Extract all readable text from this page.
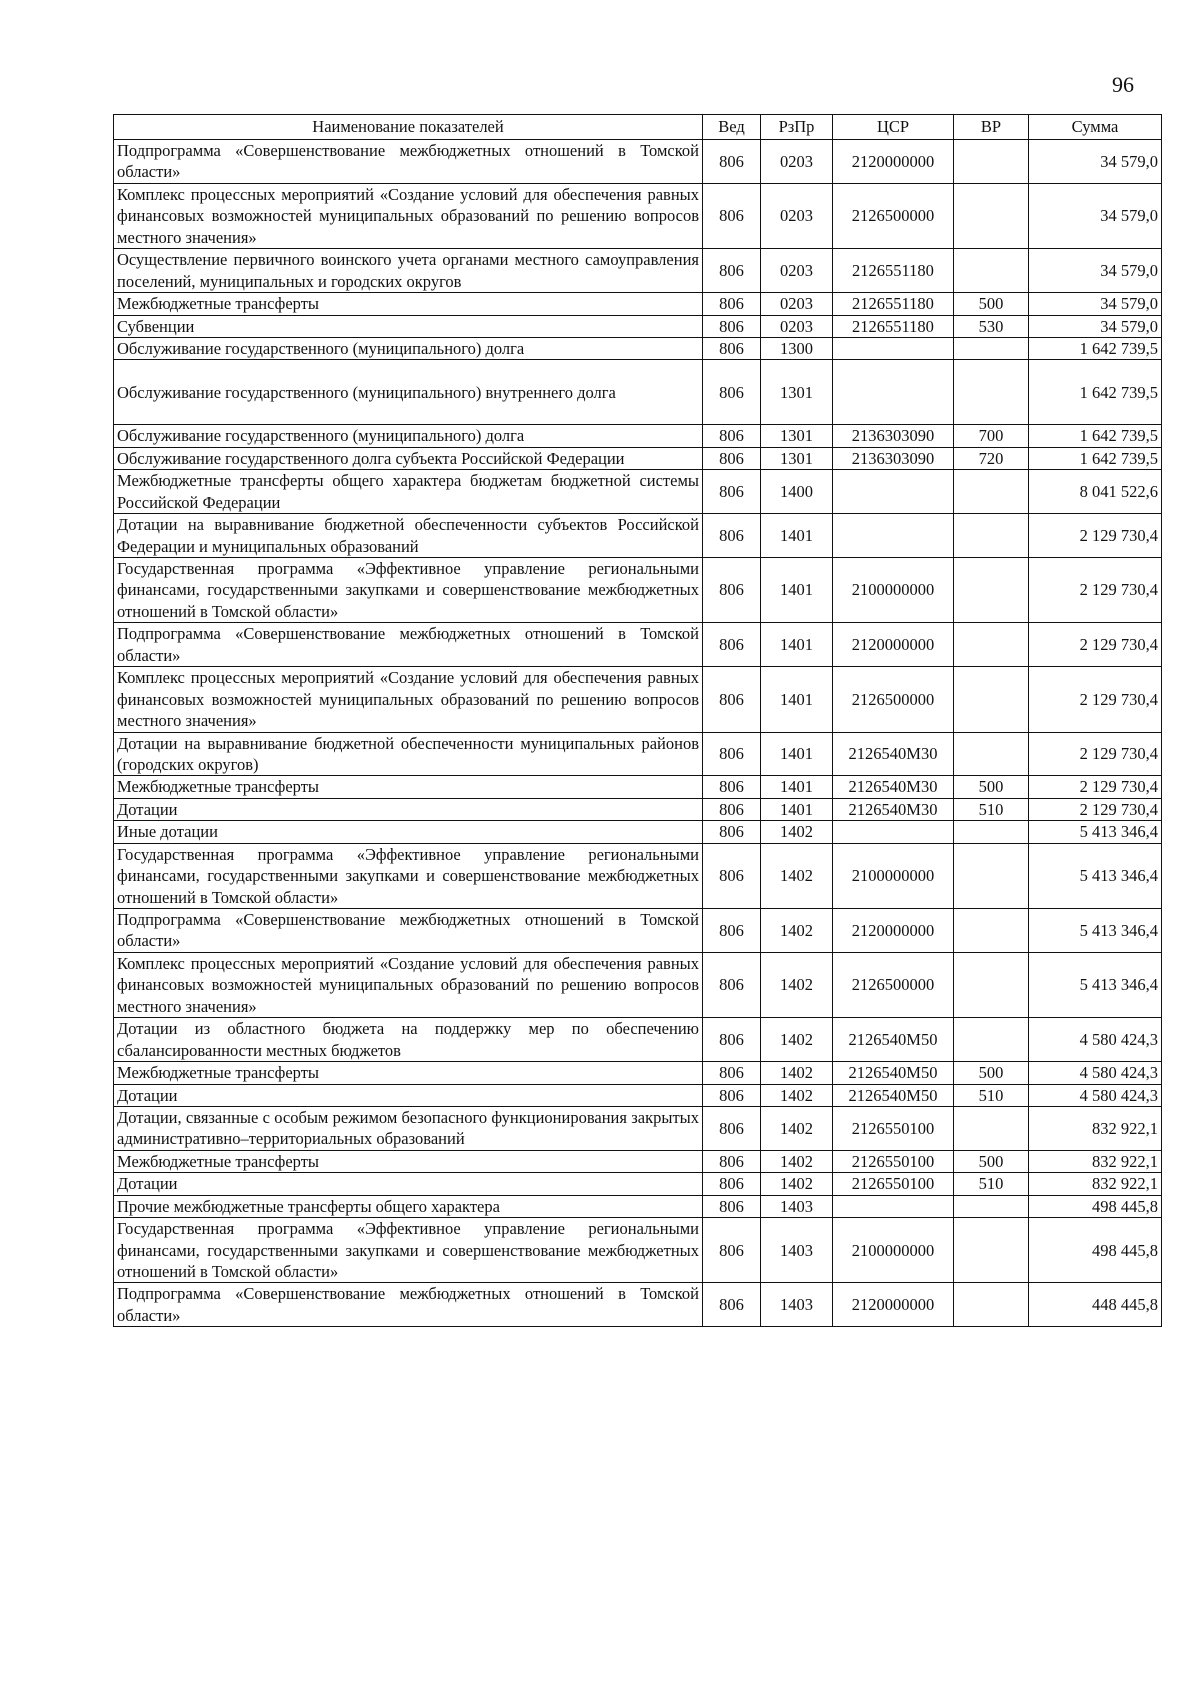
96
Наименование показателей	Вед	РзПр	ЦСР	ВР	Сумма
Подпрограмма «Совершенствование межбюджетных отношений в Томской области»	806	0203	2120000000		34 579,0
Комплекс процессных мероприятий «Создание условий для обеспечения равных финансовых возможностей муниципальных образований по решению вопросов местного значения»	806	0203	2126500000		34 579,0
Осуществление первичного воинского учета органами местного самоуправления поселений, муниципальных и городских округов	806	0203	2126551180		34 579,0
Межбюджетные трансферты	806	0203	2126551180	500	34 579,0
Субвенции	806	0203	2126551180	530	34 579,0
Обслуживание государственного (муниципального) долга	806	1300			1 642 739,5
Обслуживание государственного (муниципального) внутреннего долга	806	1301			1 642 739,5
Обслуживание государственного (муниципального) долга	806	1301	2136303090	700	1 642 739,5
Обслуживание государственного долга субъекта Российской Федерации	806	1301	2136303090	720	1 642 739,5
Межбюджетные трансферты общего характера бюджетам бюджетной системы Российской Федерации	806	1400			8 041 522,6
Дотации на выравнивание бюджетной обеспеченности субъектов Российской Федерации и муниципальных образований	806	1401			2 129 730,4
Государственная программа «Эффективное управление региональными финансами, государственными закупками и совершенствование межбюджетных отношений в Томской области»	806	1401	2100000000		2 129 730,4
Подпрограмма «Совершенствование межбюджетных отношений в Томской области»	806	1401	2120000000		2 129 730,4
Комплекс процессных мероприятий «Создание условий для обеспечения равных финансовых возможностей муниципальных образований по решению вопросов местного значения»	806	1401	2126500000		2 129 730,4
Дотации на выравнивание бюджетной обеспеченности муниципальных районов (городских округов)	806	1401	2126540M30		2 129 730,4
Межбюджетные трансферты	806	1401	2126540M30	500	2 129 730,4
Дотации	806	1401	2126540M30	510	2 129 730,4
Иные дотации	806	1402			5 413 346,4
Государственная программа «Эффективное управление региональными финансами, государственными закупками и совершенствование межбюджетных отношений в Томской области»	806	1402	2100000000		5 413 346,4
Подпрограмма «Совершенствование межбюджетных отношений в Томской области»	806	1402	2120000000		5 413 346,4
Комплекс процессных мероприятий «Создание условий для обеспечения равных финансовых возможностей муниципальных образований по решению вопросов местного значения»	806	1402	2126500000		5 413 346,4
Дотации из областного бюджета на поддержку мер по обеспечению сбалансированности местных бюджетов	806	1402	2126540M50		4 580 424,3
Межбюджетные трансферты	806	1402	2126540M50	500	4 580 424,3
Дотации	806	1402	2126540M50	510	4 580 424,3
Дотации, связанные с особым режимом безопасного функционирования закрытых административно–территориальных образований	806	1402	2126550100		832 922,1
Межбюджетные трансферты	806	1402	2126550100	500	832 922,1
Дотации	806	1402	2126550100	510	832 922,1
Прочие межбюджетные трансферты общего характера	806	1403			498 445,8
Государственная программа «Эффективное управление региональными финансами, государственными закупками и совершенствование межбюджетных отношений в Томской области»	806	1403	2100000000		498 445,8
Подпрограмма «Совершенствование межбюджетных отношений в Томской области»	806	1403	2120000000		448 445,8
